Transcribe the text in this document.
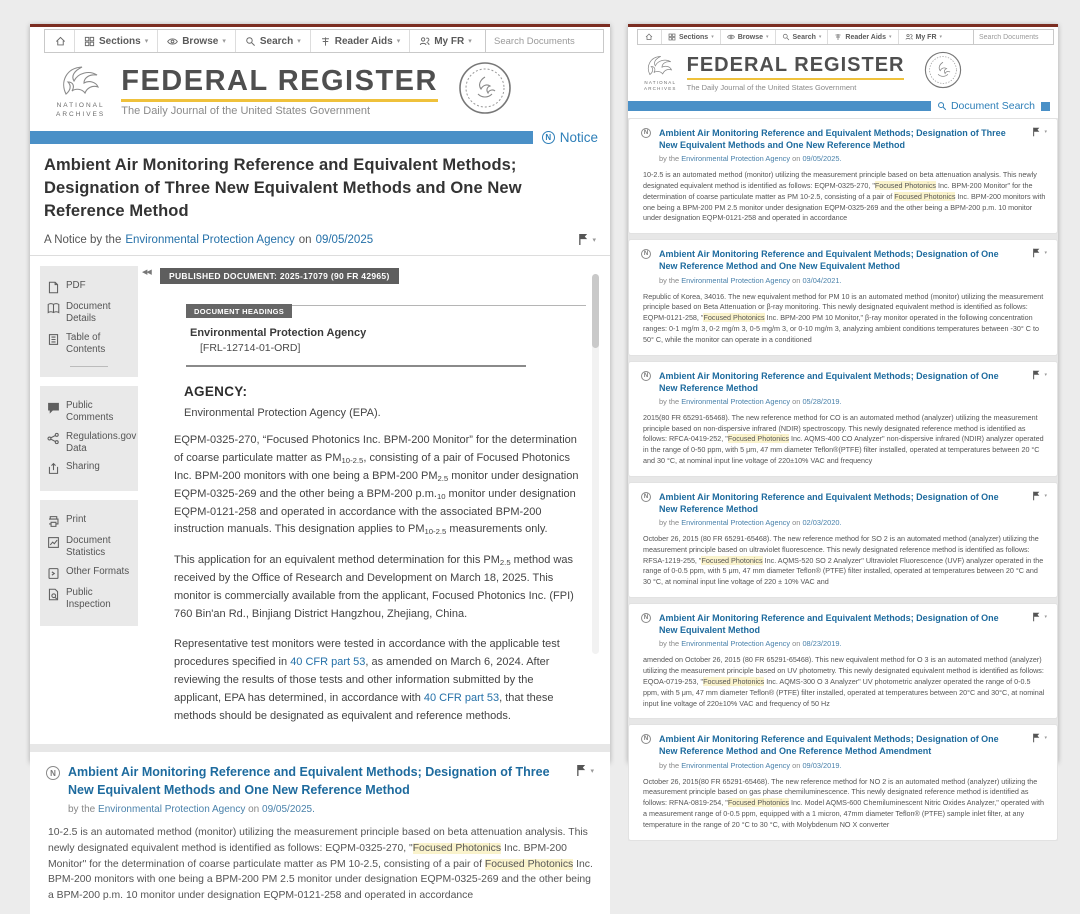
Sections ▾	Browse ▾	Search ▾	Reader Aids ▾	My FR ▾
Search Documents
NATIONAL
ARCHIVES
FEDERAL REGISTER
The Daily Journal of the United States Government
N Notice
Ambient Air Monitoring Reference and Equivalent Methods; Designation of Three New Equivalent Methods and One New Reference Method
A Notice by the Environmental Protection Agency on 09/05/2025	▾
PDF
Document Details
Table of Contents
Public Comments
Regulations.gov Data
Sharing
Print
Document Statistics
Other Formats
Public Inspection
◀◀	PUBLISHED DOCUMENT: 2025-17079 (90 FR 42965)
DOCUMENT HEADINGS
Environmental Protection Agency
[FRL-12714-01-ORD]
AGENCY:

Environmental Protection Agency (EPA).

EQPM-0325-270, “Focused Photonics Inc. BPM-200 Monitor” for the determination of coarse particulate matter as PM10-2.5, consisting of a pair of Focused Photonics Inc. BPM-200 monitors with one being a BPM-200 PM2.5 monitor under designation EQPM-0325-269 and the other being a BPM-200 p.m.10 monitor under designation EQPM-0121-258 and operated in accordance with the associated BPM-200 instruction manuals. This designation applies to PM10-2.5 measurements only.

This application for an equivalent method determination for this PM2.5 method was received by the Office of Research and Development on March 18, 2025. This monitor is commercially available from the applicant, Focused Photonics Inc. (FPI) 760 Bin'an Rd., Binjiang District Hangzhou, Zhejiang, China.

Representative test monitors were tested in accordance with the applicable test procedures specified in 40 CFR part 53, as amended on March 6, 2024. After reviewing the results of those tests and other information submitted by the applicant, EPA has determined, in accordance with 40 CFR part 53, that these methods should be designated as equivalent and reference methods.

N Ambient Air Monitoring Reference and Equivalent Methods; Designation of Three New Equivalent Methods and One New Reference Method
▾
by the Environmental Protection Agency on 09/05/2025.
10-2.5 is an automated method (monitor) utilizing the measurement principle based on beta attenuation analysis. This newly designated equivalent method is identified as follows: EQPM-0325-270, "Focused Photonics Inc. BPM-200 Monitor" for the determination of coarse particulate matter as PM 10-2.5, consisting of a pair of Focused Photonics Inc. BPM-200 monitors with one being a BPM-200 PM 2.5 monitor under designation EQPM-0325-269 and the other being a BPM-200 p.m. 10 monitor under designation EQPM-0121-258 and operated in accordance
Sections ▾	Browse ▾	Search ▾	Reader Aids ▾	My FR ▾
Search Documents
NATIONAL
ARCHIVES
FEDERAL REGISTER
The Daily Journal of the United States Government
Document Search
N	Ambient Air Monitoring Reference and Equivalent Methods; Designation of Three New Equivalent Methods and One New Reference Method
▾
by the Environmental Protection Agency on 09/05/2025.
10-2.5 is an automated method (monitor) utilizing the measurement principle based on beta attenuation analysis. This newly designated equivalent method is identified as follows: EQPM-0325-270, "Focused Photonics Inc. BPM-200 Monitor" for the determination of coarse particulate matter as PM 10-2.5, consisting of a pair of Focused Photonics Inc. BPM-200 monitors with one being a BPM-200 PM 2.5 monitor under designation EQPM-0325-269 and the other being a BPM-200 p.m. 10 monitor under designation EQPM-0121-258 and operated in accordance
N	Ambient Air Monitoring Reference and Equivalent Methods; Designation of One New Reference Method and One New Equivalent Method
▾
by the Environmental Protection Agency on 03/04/2021.
Republic of Korea, 34016. The new equivalent method for PM 10 is an automated method (monitor) utilizing the measurement principle based on Beta Attenuation or β-ray monitoring. This newly designated equivalent method is identified as follows: EQPM-0121-258, "Focused Photonics Inc. BPM-200 PM 10 Monitor," β-ray monitor operated in the following concentration ranges: 0-1 mg/m 3, 0-2 mg/m 3, 0-5 mg/m 3, or 0-10 mg/m 3, analyzing ambient conditions temperatures between -30° C to 50° C, while the monitor can operate in a conditioned
N	Ambient Air Monitoring Reference and Equivalent Methods; Designation of One New Reference Method
▾
by the Environmental Protection Agency on 05/28/2019.
2015(80 FR 65291-65468). The new reference method for CO is an automated method (analyzer) utilizing the measurement principle based on non-dispersive infrared (NDIR) spectroscopy. This newly designated reference method is identified as follows: RFCA-0419-252, "Focused Photonics Inc. AQMS-400 CO Analyzer" non-dispersive infrared (NDIR) analyzer operated in the range of 0-50 ppm, with 5 μm, 47 mm diameter Teflon®(PTFE) filter installed, operated at temperatures between 20 °C and 30 °C, at nominal input line voltage of 220±10% VAC and frequency
N	Ambient Air Monitoring Reference and Equivalent Methods; Designation of One New Reference Method
▾
by the Environmental Protection Agency on 02/03/2020.
October 26, 2015 (80 FR 65291-65468). The new reference method for SO 2 is an automated method (analyzer) utilizing the measurement principle based on ultraviolet fluorescence. This newly designated reference method is identified as follows: RFSA-1219-255, "Focused Photonics Inc. AQMS-520 SO 2 Analyzer" Ultraviolet Fluorescence (UVF) analyzer operated in the range of 0-0.5 ppm, with 5 μm, 47 mm diameter Teflon® (PTFE) filter installed, operated at temperatures between 20 °C and 30 °C, at nominal input line voltage of 220 ± 10% VAC and
N	Ambient Air Monitoring Reference and Equivalent Methods; Designation of One New Equivalent Method
▾
by the Environmental Protection Agency on 08/23/2019.
amended on October 26, 2015 (80 FR 65291-65468). This new equivalent method for O 3 is an automated method (analyzer) utilizing the measurement principle based on UV photometry. This newly designated equivalent method is identified as follows: EQOA-0719-253, "Focused Photonics Inc. AQMS-300 O 3 Analyzer" UV photometric analyzer operated the range of 0-0.5 ppm, with 5 μm, 47 mm diameter Teflon® (PTFE) filter installed, operated at temperatures between 20°C and 30°C, at nominal input line voltage of 220±10% VAC and frequency of 50 Hz
N	Ambient Air Monitoring Reference and Equivalent Methods; Designation of One New Reference Method and One Reference Method Amendment
▾
by the Environmental Protection Agency on 09/03/2019.
October 26, 2015(80 FR 65291-65468). The new reference method for NO 2 is an automated method (analyzer) utilizing the measurement principle based on gas phase chemiluminescence. This newly designated reference method is identified as follows: RFNA-0819-254, "Focused Photonics Inc. Model AQMS-600 Chemiluminescent Nitric Oxides Analyzer," operated with a measurement range of 0-0.5 ppm, equipped with a 1 micron, 47mm diameter Teflon® (PTFE) sample inlet filter, at any temperature in the range of 20 °C to 30 °C, with Molybdenum NO X converter
